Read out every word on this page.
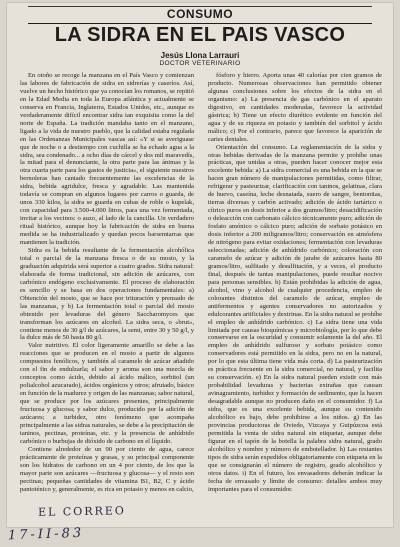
CONSUMO
LA SIDRA EN EL PAIS VASCO
Jesús Llona Larrauri
DOCTOR VETERINARIO

En otoño se recoge la manzana en el País Vasco y comienzan las labores de fabricación de sidra en sidrerías y caseríos. Así, vuelve un hecho histórico que ya conocían los romanos, se repitió en la Edad Media en toda la Europa atlántica y actualmente se conserva en Francia, Inglaterra, Estados Unidos, etc., aunque es verdaderamente difícil encontrar sidra tan exquisita como la del norte de España. La tradición mandaba tanto en el manzano, ligado a la vida de nuestro pueblo, que la calidad estaba regulada en las Ordenanzas Municipales vascas así: «Y si se averiguase que de noche o a destiempo con cuchilla se ha echado agua a la sidra, sea condenado... a ocho días de cárcel y dos mil maravedís, la mitad para el denunciante, la otra parte para las ánimas y la otra cuarta parte para los gastos de justicia», el siguiente nuestros bernoleras han cantado frecuentemente las excelencias de la sidra, bebida agridulce, fresca y agradable. Las mantenida todavía se compran en algunos lugares por carros o guarda, de unos 330 kilos, la sidra se guarda en cubas de roble o kupelak, con capacidad para 3.500-4.000 litros, para una vez fermentada, invitar a los vecinos: o auzo, al lado de la cancilla. Un verdadero ritual histórico, aunque hoy la fabricación de sidra en buena medida se ha industrializado y quedan pocos barsemtarras que mantienen la tradición.

Sidra es la bebida resultante de la fermentación alcohólica total o parcial de la manzana fresca o de su mosto, y la graduación adquirida será superior a cuatro grados. Sidra natural: elaborada de forma tradicional, sin adición de azúcares, con carbónico endógeno exclusivamente. El proceso de elaboración es sencillo y se basa en dos operaciones fundamentales: a) Obtención del mosto, que se hace por trituración y prensado de las manzanas, y b) La fermentación total o parcial del mosto obtenido por levaduras del género Saccharomyces que transforman los azúcares en alcohol. La sidra seca, o «brut», contiene menos de 30 g/l de azúcares, la semi, entre 30 y 50 g/l, y la dulce más de 50 hasta 80 g/l.

Valor nutritivo. El color ligeramente amarillo se debe a las reacciones que se producen en el mosto a partir de algunos compuestos fenólicos, y también al caramelo de azúcar añadido con el fin de endulzarla; el sabor y aroma son una mezcla de conceptos como ácido, debido al ácido málico, sorbitol (un polialcohol azucarado), ácidos orgánicos y otros; afrutado, básico en función de la madurez y origen de las manzanas; sabor natural, que se produce por los azúcares presentes, principalmente fructuosa y glucosa; y sabor dulce, producido por la adición de azúcares; a turbidez, otro fenómeno que acompaña principalmente a las sidras naturales, se debe a la precipitación de taninos, pectinas, proteínas, etc. y la presencia de anhídrido carbónico o burbujas de dióxido de carbono en el líquido.

Contiene alrededor de un 90 por ciento de agua, carece prácticamente de proteínas y grasas, y su principal componente son los hidratos de carbono en un 4 por ciento, de los que la mayor parte son azúcares —fructuosa y glucosa— y el resto son pectinas; pequeñas cantidades de vitamina B1, B2, C y ácido pantoténico y, generalmente, es rica en potasio y menos en calcio,

fósforo y hierro. Aporta unas 40 calorías por cien gramos de producto. Numerosas observaciones han permitido obtener algunas conclusiones sobre los efectos de la sidra en el organismo: a) La presencia de gas carbónico en el aparato digestivo, en cantidades moderadas, favorece la actividad gástrica; b) Tiene un efecto diurético evidente en función del agua y de su riqueza en potasio y también del sorbitol y ácido málico; c) Por el contrario, parece que favorece la aparición de caries dentales.

Orientación del consumo. La reglamentación de la sidra y otras bebidas derivadas de la manzana permite y prohíbe unas prácticas, que unidas a otras, pueden hacer conocer mejor esta excelente bebida: a) La sidra comercial es una bebida en la que se hacen gran número de manipulaciones permitidas, como filtrar, refrigerar y pasteurizar, clarificación con taninos, gelatinas, clara de huevo, caseína, leche desnatada, suero de sangre, bentonitas, tierras diversas y carbón activado; adición de ácido tartárico o cítrico puros en dosis inferior a dos gramos/litro; desacidificación o deleacción con carbonato cálcico técnicamente puro; adición de fosfato amónico o cálcico puro; adición de sorbato potásico en dosis inferior a 200 miligramos/litro; conservación en atmósfera de nitrógeno para evitar oxidaciones; fermentación con levaduras seleccionadas; adición de anhídrido carbónico; coloración con caramelo de azúcar y adición de jarabe de azúcares hasta 80 gramos/litro, sulfitado y desulfitación, y a veces, el producto final, después de tantas manipulaciones, puede resultar nocivo para personas sensibles. b) Están prohibidas la adición de agua, alcohol, vino y alcohol de cualquier procedencia, empleo de colorantes distintos del caramelo de azúcar, empleo de antifermentos y agentes conservadores no autorizados y edulcorantes artificiales y dextrinas. En la sidra natural se prohíbe el empleo de anhídrido carbónico. c) La sidra tiene una vida limitada por causas bioquímicas y microbiología, por lo que debe conservarse en la oscuridad y consumir solamente la del año. El empleo de anhídrido sulfuroso y sorbato potásico como conservadores está permitido en la sidra, pero no en la natural, por lo que esta última tiene vida más corta. d) La pasteurización es práctica frecuente en la sidra comercial, no natural, y facilita su conservación. e) En la sidra natural pueden existir con más probabilidad levaduras y bacterias extrañas que causan avinagramiento, turbidez y formación de sedimento, que la hacen desagradable aunque no producen daño en el consumidor. f) La sidra, que es una excelente bebida, aunque su contenido alcohólico es bajo, debe prohibirse a los niños. g) En las provincias productoras de Oviedo, Vizcaya y Guipúzcoa está permitida la venta de sidra natural sin etiquetar, aunque debe figurar en el tapón de la botella la palabra sidra natural, grado alcohólico y nombre y número de embotellador. h) Las restantes tipos de sidra serán expedidos obligatoriamente con etiqueta en la que se consignarán el número de registro, grado alcohólico y otros datos. i) En el futuro, los envasadores deberán indicar la fecha de envasado y límite de consumo: detalles ambos muy importantes para el consumidor.

EL CORREO
17-II-83
